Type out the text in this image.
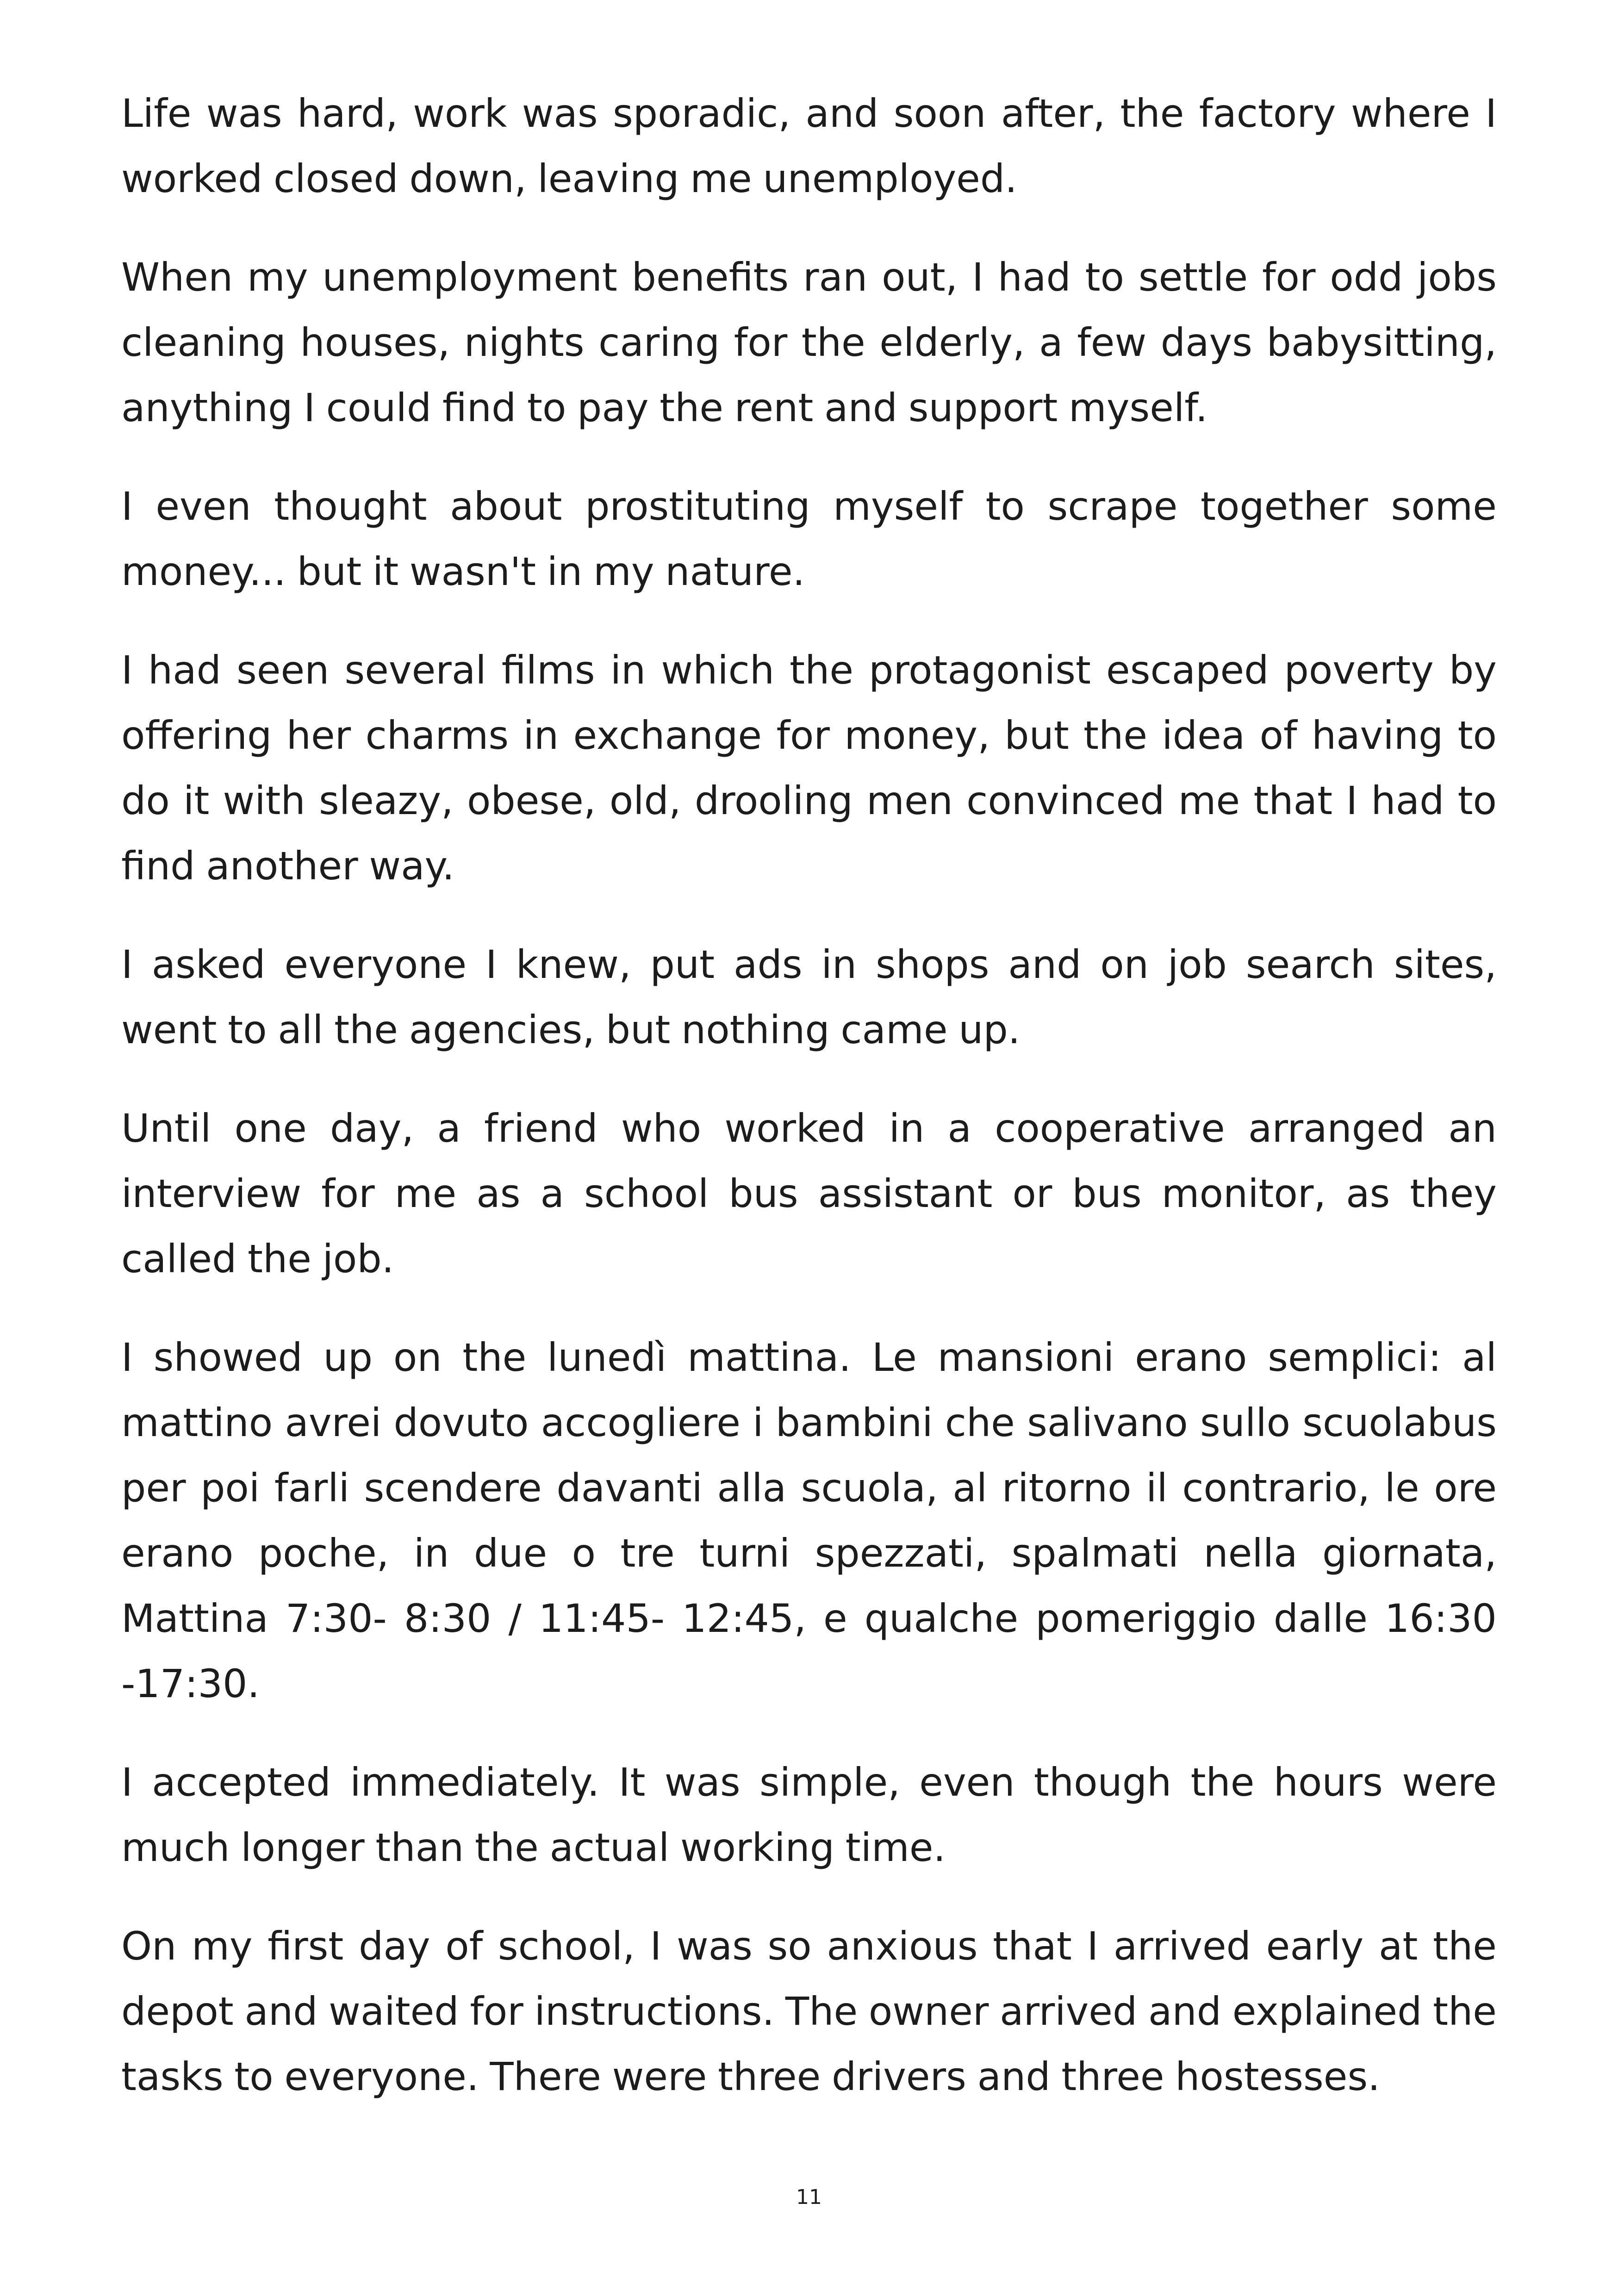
Life was hard, work was sporadic, and soon after, the factory where I worked closed down, leaving me unemployed.

When my unemployment benefits ran out, I had to settle for odd jobs cleaning houses, nights caring for the elderly, a few days babysitting, anything I could find to pay the rent and support myself.

I even thought about prostituting myself to scrape together some money... but it wasn't in my nature.

I had seen several films in which the protagonist escaped poverty by offering her charms in exchange for money, but the idea of having to do it with sleazy, obese, old, drooling men convinced me that I had to find another way.

I asked everyone I knew, put ads in shops and on job search sites, went to all the agencies, but nothing came up.

Until one day, a friend who worked in a cooperative arranged an interview for me as a school bus assistant or bus monitor, as they called the job.

I showed up on the lunedì mattina. Le mansioni erano semplici: al mattino avrei dovuto accogliere i bambini che salivano sullo scuolabus per poi farli scendere davanti alla scuola, al ritorno il contrario, le ore erano poche, in due o tre turni spezzati, spalmati nella giornata, Mattina 7:30- 8:30 / 11:45- 12:45, e qualche pomeriggio dalle 16:30 -17:30.

I accepted immediately. It was simple, even though the hours were much longer than the actual working time.

On my first day of school, I was so anxious that I arrived early at the depot and waited for instructions. The owner arrived and explained the tasks to everyone. There were three drivers and three hostesses.

11
